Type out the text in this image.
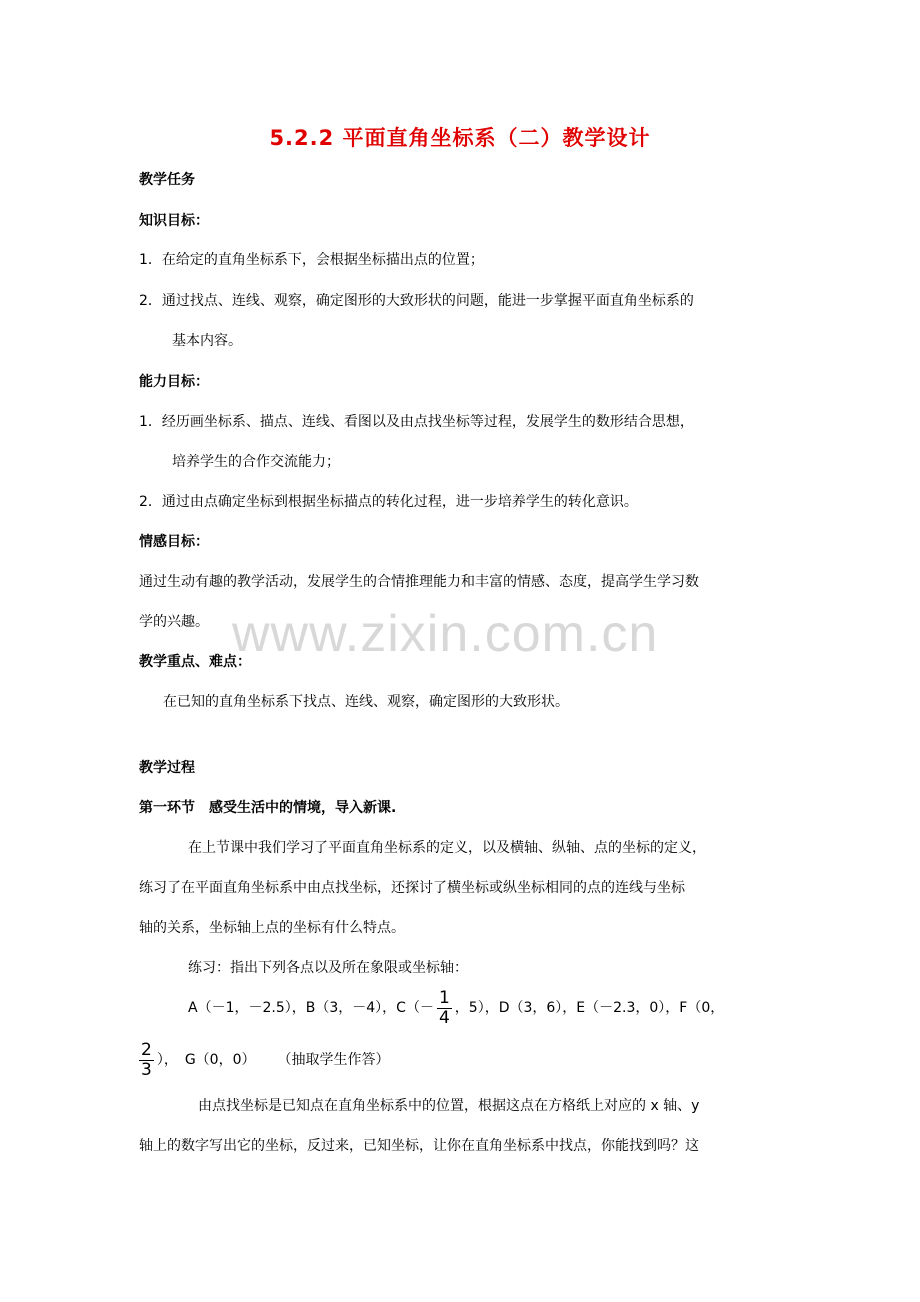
www.zixin.com.cn
5.2.2 平面直角坐标系（二）教学设计
教学任务
知识目标：
1．在给定的直角坐标系下，会根据坐标描出点的位置；
2．通过找点、连线、观察，确定图形的大致形状的问题，能进一步掌握平面直角坐标系的
基本内容。
能力目标：
1．经历画坐标系、描点、连线、看图以及由点找坐标等过程，发展学生的数形结合思想，
培养学生的合作交流能力；
2．通过由点确定坐标到根据坐标描点的转化过程，进一步培养学生的转化意识。
情感目标：
通过生动有趣的教学活动，发展学生的合情推理能力和丰富的情感、态度，提高学生学习数
学的兴趣。
教学重点、难点：
在已知的直角坐标系下找点、连线、观察，确定图形的大致形状。
教学过程
第一环节　感受生活中的情境，导入新课.
在上节课中我们学习了平面直角坐标系的定义，以及横轴、纵轴、点的坐标的定义，
练习了在平面直角坐标系中由点找坐标，还探讨了横坐标或纵坐标相同的点的连线与坐标
轴的关系，坐标轴上点的坐标有什么特点。
练习：指出下列各点以及所在象限或坐标轴：
A（－1，－2.5），B（3，－4），$C(- \frac{1}{4}$ ，5），D（3，6），E（－2.3，0），F（0，
$\frac{2}{3}$ ），　G（0，0） （抽取学生作答）
由点找坐标是已知点在直角坐标系中的位置，根据这点在方格纸上对应的 x 轴、y
轴上的数字写出它的坐标，反过来，已知坐标，让你在直角坐标系中找点，你能找到吗？这
